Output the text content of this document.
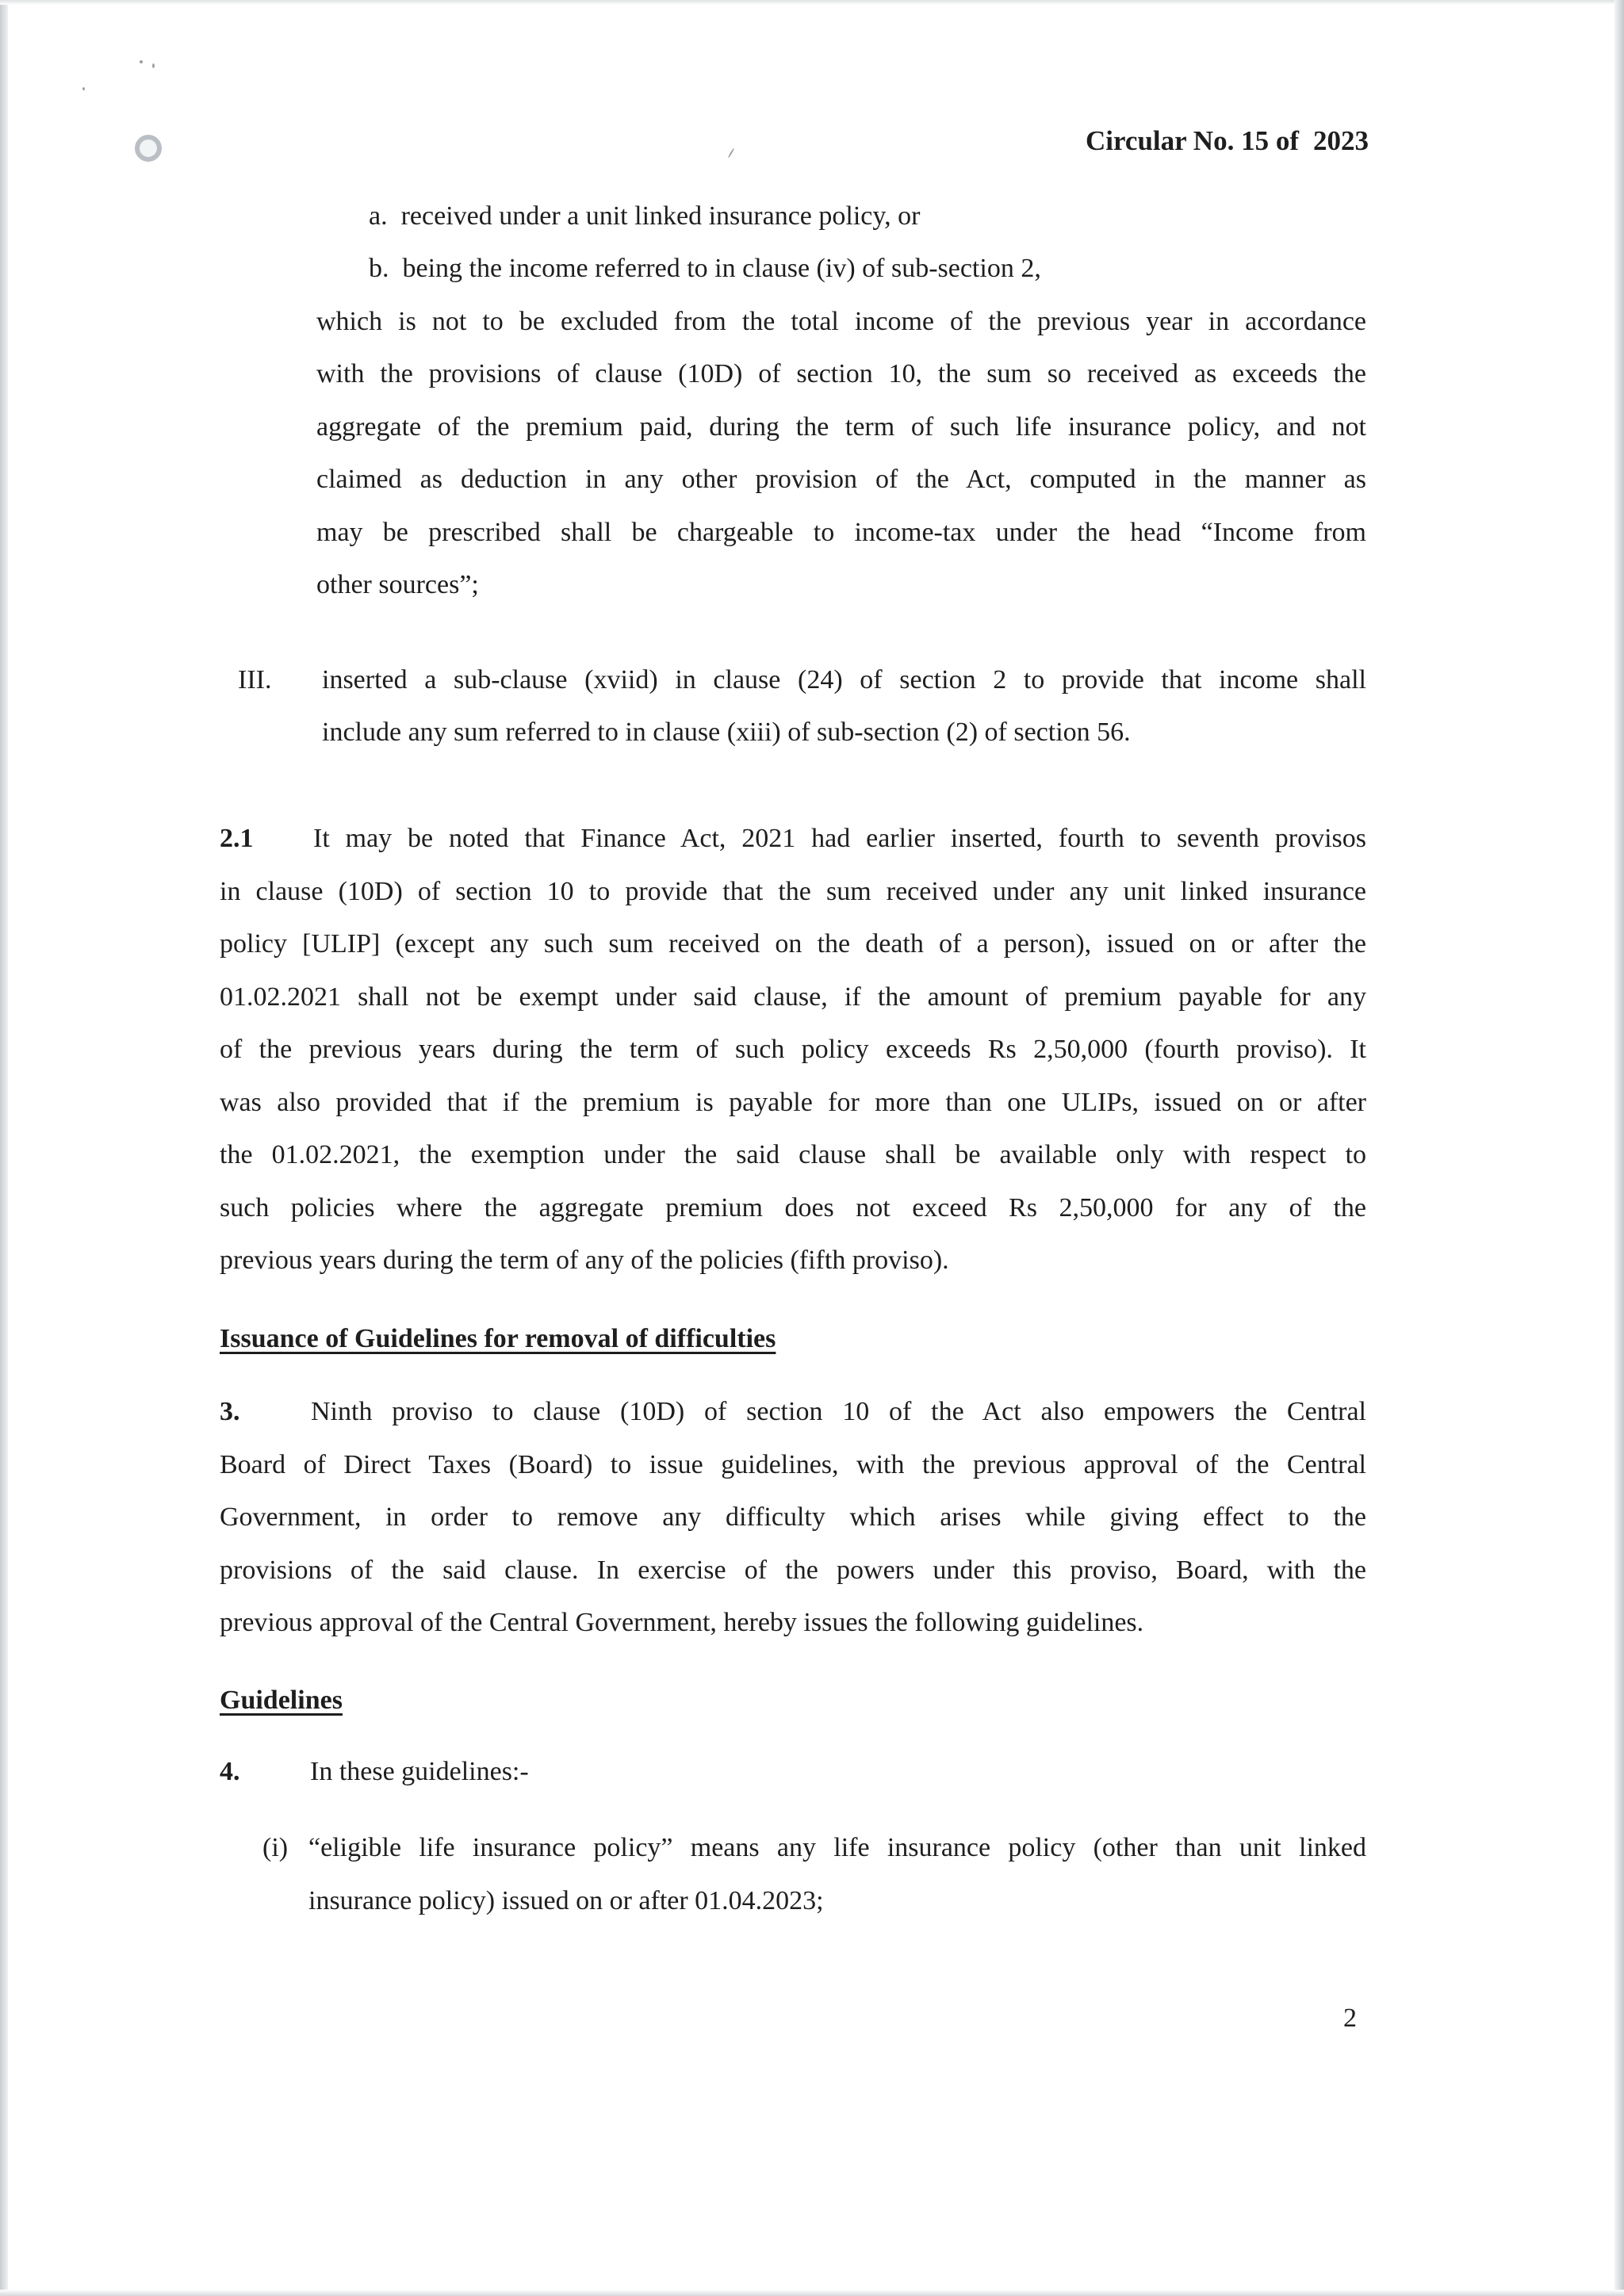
Circular No. 15 of 2023
a. received under a unit linked insurance policy, or
b. being the income referred to in clause (iv) of sub-section 2,
which is not to be excluded from the total income of the previous year in accordance
with the provisions of clause (10D) of section 10, the sum so received as exceeds the
aggregate of the premium paid, during the term of such life insurance policy, and not
claimed as deduction in any other provision of the Act, computed in the manner as
may be prescribed shall be chargeable to income-tax under the head “Income from
other sources”;
III. inserted a sub-clause (xviid) in clause (24) of section 2 to provide that income shall
include any sum referred to in clause (xiii) of sub-section (2) of section 56.
2.1 It may be noted that Finance Act, 2021 had earlier inserted, fourth to seventh provisos
in clause (10D) of section 10 to provide that the sum received under any unit linked insurance
policy [ULIP] (except any such sum received on the death of a person), issued on or after the
01.02.2021 shall not be exempt under said clause, if the amount of premium payable for any
of the previous years during the term of such policy exceeds Rs 2,50,000 (fourth proviso). It
was also provided that if the premium is payable for more than one ULIPs, issued on or after
the 01.02.2021, the exemption under the said clause shall be available only with respect to
such policies where the aggregate premium does not exceed Rs 2,50,000 for any of the
previous years during the term of any of the policies (fifth proviso).
Issuance of Guidelines for removal of difficulties
3.	Ninth proviso to clause (10D) of section 10 of the Act also empowers the Central
Board of Direct Taxes (Board) to issue guidelines, with the previous approval of the Central
Government, in order to remove any difficulty which arises while giving effect to the
provisions of the said clause. In exercise of the powers under this proviso, Board, with the
previous approval of the Central Government, hereby issues the following guidelines.
Guidelines
4.	In these guidelines:-
(i) “eligible life insurance policy” means any life insurance policy (other than unit linked
insurance policy) issued on or after 01.04.2023;
2
